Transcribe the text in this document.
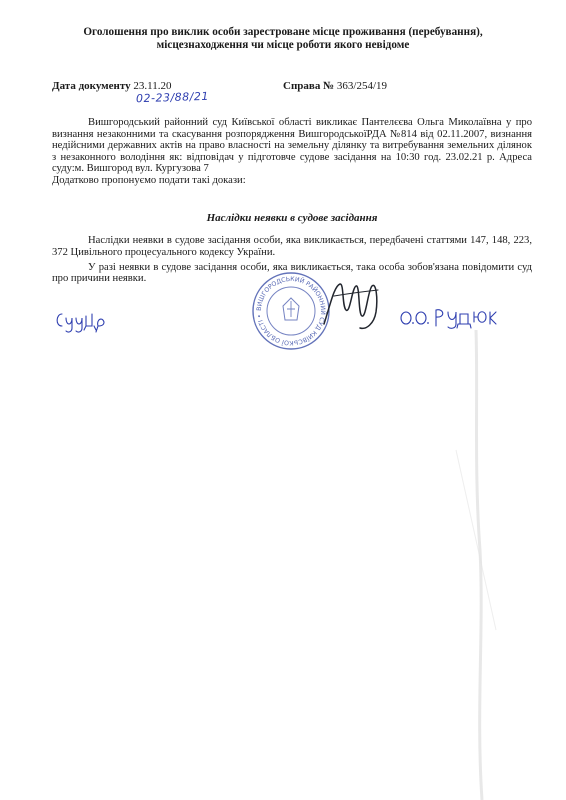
Оголошення про виклик особи зарестроване місце проживання (перебування),
місцезнаходження чи місце роботи якого невідоме
Дата документу 23.11.20	Справа № 363/254/19
02-23/88/21

Вишгородський районний суд Київської області викликає Пантелєєва Ольга Миколаївна у про визнання незаконними та скасування розпорядження ВишгородськоїРДА №814 від 02.11.2007, визнання недійсними державних актів на право власності на земельну ділянку та витребування земельних ділянок з незаконного володіння як: відповідач у підготовче судове засідання на 10:30 год. 23.02.21 р. Адреса суду:м. Вишгород вул. Кургузова 7

Додатково пропонуємо подати такі докази:

Наслідки неявки в судове засідання

Наслідки неявки в судове засідання особи, яка викликається, передбачені статтями 147, 148, 223, 372 Цивільного процесуального кодексу України.

У разі неявки в судове засідання особи, яка викликається, така особа зобов'язана повідомити суд про причини неявки.

ВИШГОРОДСЬКИЙ РАЙОННИЙ СУД КИЇВСЬКОЇ ОБЛАСТІ •
